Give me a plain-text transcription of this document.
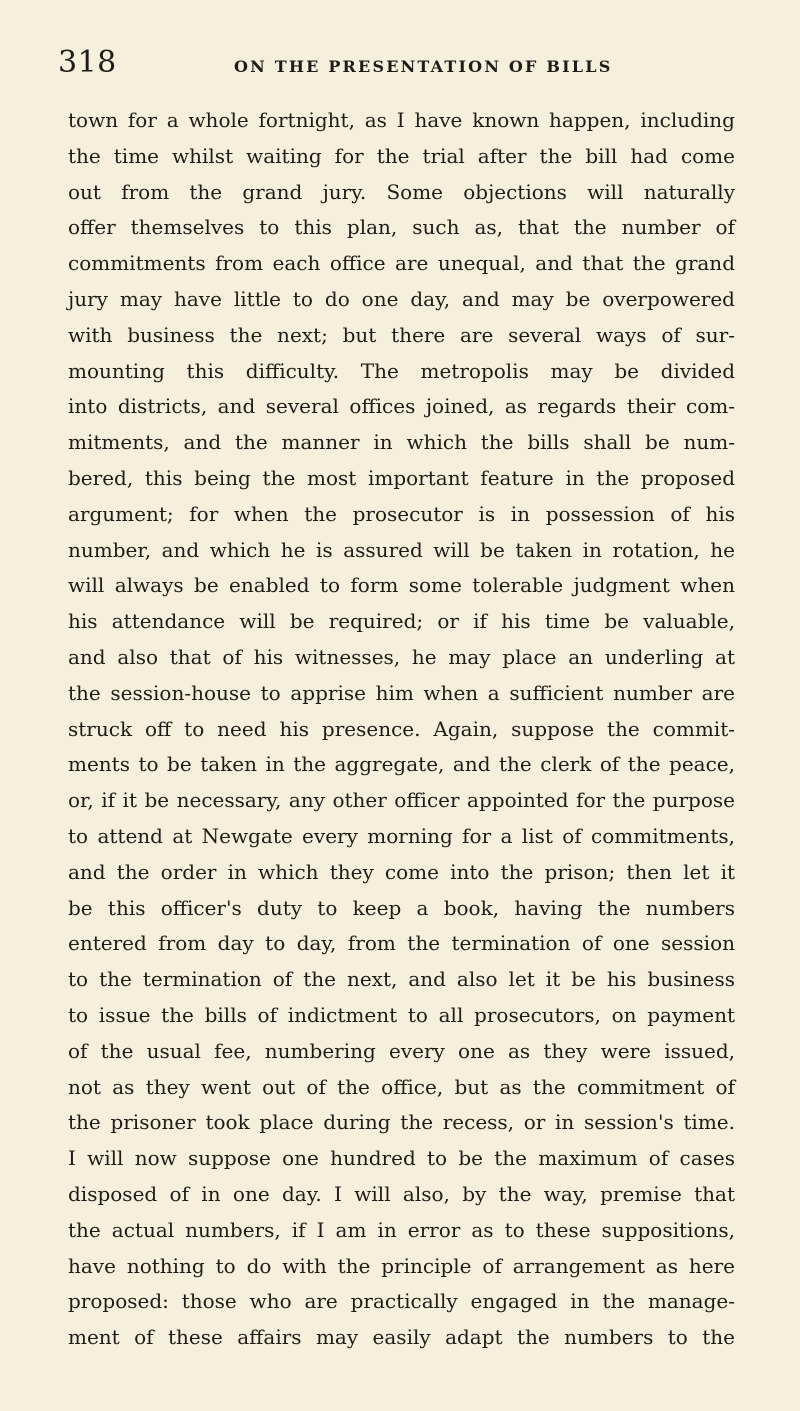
318	ON THE PRESENTATION OF BILLS
town for a whole fortnight, as I have known happen, including
the time whilst waiting for the trial after the bill had come
out from the grand jury. Some objections will naturally
offer themselves to this plan, such as, that the number of
commitments from each office are unequal, and that the grand
jury may have little to do one day, and may be overpowered
with business the next; but there are several ways of sur-
mounting this difficulty. The metropolis may be divided
into districts, and several offices joined, as regards their com-
mitments, and the manner in which the bills shall be num-
bered, this being the most important feature in the proposed
argument; for when the prosecutor is in possession of his
number, and which he is assured will be taken in rotation, he
will always be enabled to form some tolerable judgment when
his attendance will be required; or if his time be valuable,
and also that of his witnesses, he may place an underling at
the session-house to apprise him when a sufficient number are
struck off to need his presence. Again, suppose the commit-
ments to be taken in the aggregate, and the clerk of the peace,
or, if it be necessary, any other officer appointed for the purpose
to attend at Newgate every morning for a list of commitments,
and the order in which they come into the prison; then let it
be this officer's duty to keep a book, having the numbers
entered from day to day, from the termination of one session
to the termination of the next, and also let it be his business
to issue the bills of indictment to all prosecutors, on payment
of the usual fee, numbering every one as they were issued,
not as they went out of the office, but as the commitment of
the prisoner took place during the recess, or in session's time.
I will now suppose one hundred to be the maximum of cases
disposed of in one day. I will also, by the way, premise that
the actual numbers, if I am in error as to these suppositions,
have nothing to do with the principle of arrangement as here
proposed: those who are practically engaged in the manage-
ment of these affairs may easily adapt the numbers to the
